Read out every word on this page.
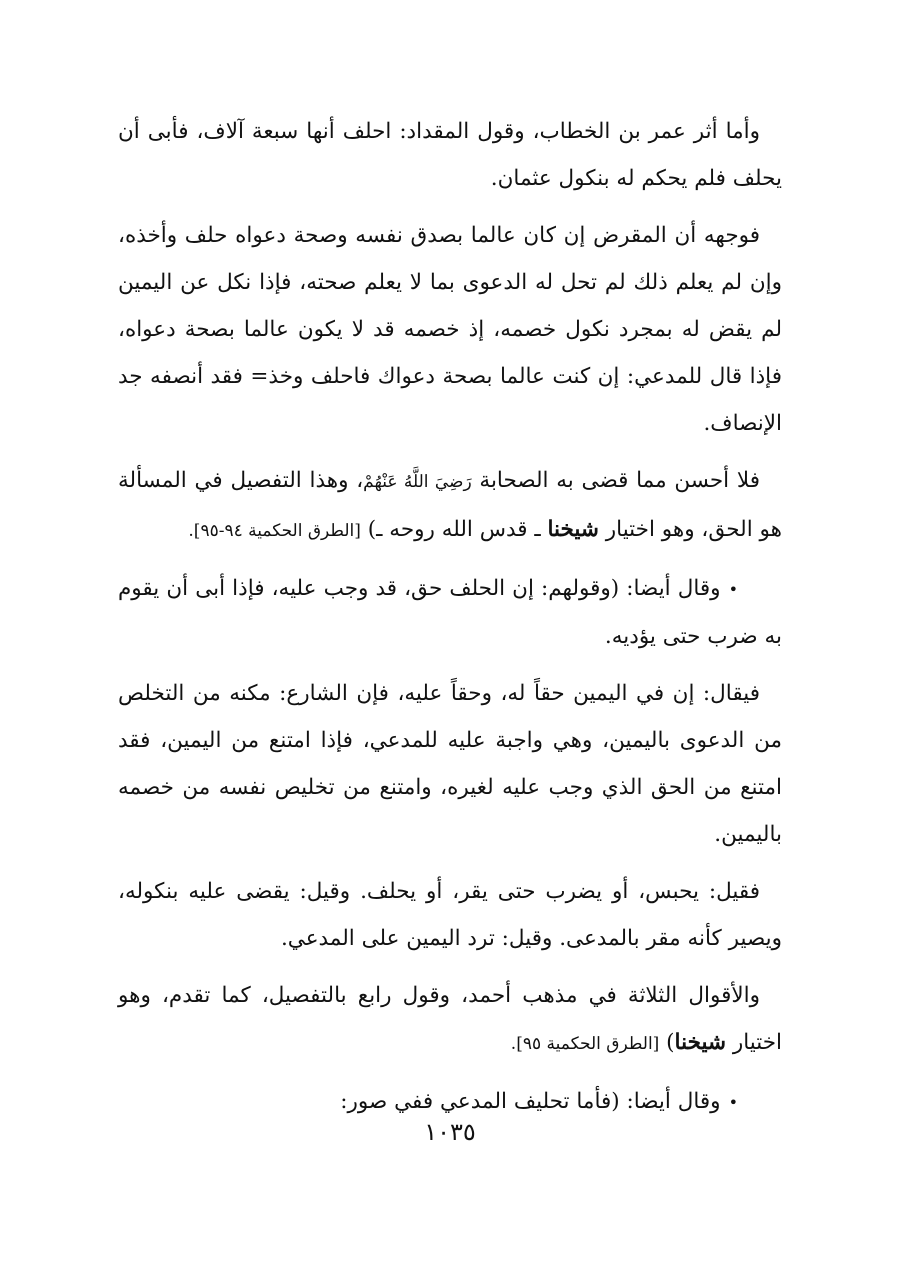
وأما أثر عمر بن الخطاب، وقول المقداد: احلف أنها سبعة آلاف، فأبى أن يحلف فلم يحكم له بنكول عثمان.

فوجهه أن المقرض إن كان عالما بصدق نفسه وصحة دعواه حلف وأخذه، وإن لم يعلم ذلك لم تحل له الدعوى بما لا يعلم صحته، فإذا نكل عن اليمين لم يقض له بمجرد نكول خصمه، إذ خصمه قد لا يكون عالما بصحة دعواه، فإذا قال للمدعي: إن كنت عالما بصحة دعواك فاحلف وخذ= فقد أنصفه جد الإنصاف.

فلا أحسن مما قضى به الصحابة رَضِيَ اللَّهُ عَنْهُمْ، وهذا التفصيل في المسألة هو الحق، وهو اختيار شيخنا ـ قدس الله روحه ـ) [الطرق الحكمية ٩٤-٩٥].

•وقال أيضا: (وقولهم: إن الحلف حق، قد وجب عليه، فإذا أبى أن يقوم به ضرب حتى يؤديه.

فيقال: إن في اليمين حقاً له، وحقاً عليه، فإن الشارع: مكنه من التخلص من الدعوى باليمين، وهي واجبة عليه للمدعي، فإذا امتنع من اليمين، فقد امتنع من الحق الذي وجب عليه لغيره، وامتنع من تخليص نفسه من خصمه باليمين.

فقيل: يحبس، أو يضرب حتى يقر، أو يحلف. وقيل: يقضى عليه بنكوله، ويصير كأنه مقر بالمدعى. وقيل: ترد اليمين على المدعي.

والأقوال الثلاثة في مذهب أحمد، وقول رابع بالتفصيل، كما تقدم، وهو اختيار شيخنا) [الطرق الحكمية ٩٥].

•وقال أيضا: (فأما تحليف المدعي ففي صور:

١٠٣٥
